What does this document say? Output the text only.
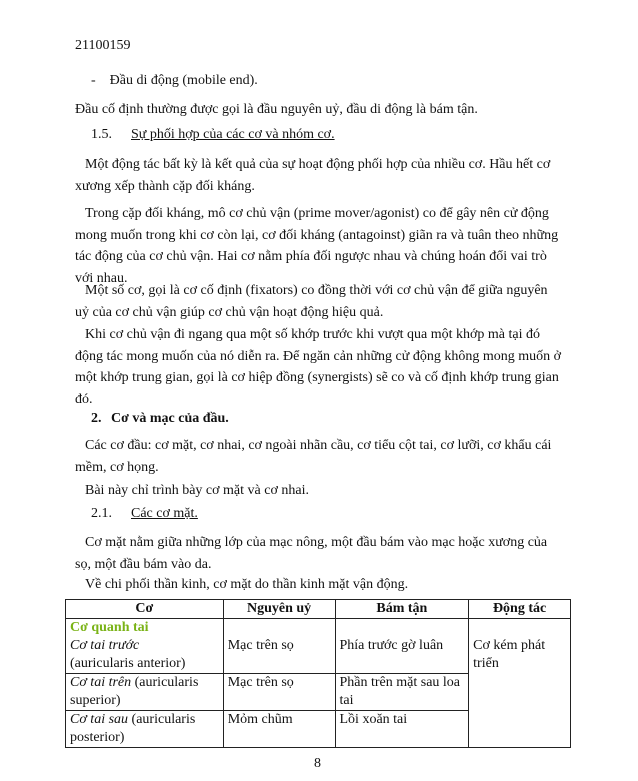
21100159
-    Đầu di động (mobile end).
Đầu cố định thường được gọi là đầu nguyên uỷ, đầu di động là bám tận.
1.5. Sự phối hợp của các cơ và nhóm cơ.
Một động tác bất kỳ là kết quả của sự hoạt động phối hợp của nhiều cơ. Hầu hết cơ xương xếp thành cặp đối kháng.
Trong cặp đối kháng, mô cơ chủ vận (prime mover/agonist) co để gây nên cử động mong muốn trong khi cơ còn lại, cơ đối kháng (antagoinst) giãn ra và tuân theo những tác động của cơ chủ vận. Hai cơ nằm phía đối ngược nhau và chúng hoán đổi vai trò với nhau.
Một số cơ, gọi là cơ cố định (fixators) co đồng thời với cơ chủ vận để giữa nguyên uỷ của cơ chủ vận giúp cơ chủ vận hoạt động hiệu quả.
Khi cơ chủ vận đi ngang qua một số khớp trước khi vượt qua một khớp mà tại đó động tác mong muốn của nó diễn ra. Để ngăn cản những cử động không mong muốn ở một khớp trung gian, gọi là cơ hiệp đồng (synergists) sẽ co và cố định khớp trung gian đó.
2. Cơ và mạc của đầu.
Các cơ đầu: cơ mặt, cơ nhai, cơ ngoài nhãn cầu, cơ tiểu cột tai, cơ lưỡi, cơ khẩu cái mềm, cơ họng.
Bài này chỉ trình bày cơ mặt và cơ nhai.
2.1. Các cơ mặt.
Cơ mặt nằm giữa những lớp của mạc nông, một đầu bám vào mạc hoặc xương của sọ, một đầu bám vào da.
Về chi phối thần kinh, cơ mặt do thần kinh mặt vận động.
Cơ	Nguyên uỷ	Bám tận	Động tác

Cơ quanh tai
Cơ tai trước
(auricularis anterior)	Mạc trên sọ	Phía trước gờ luân	Cơ kém phát triển
Cơ tai trên (auricularis superior)	Mạc trên sọ	Phần trên mặt sau loa tai	
Cơ tai sau (auricularis posterior)	Mỏm chũm	Lồi xoăn tai	
8
